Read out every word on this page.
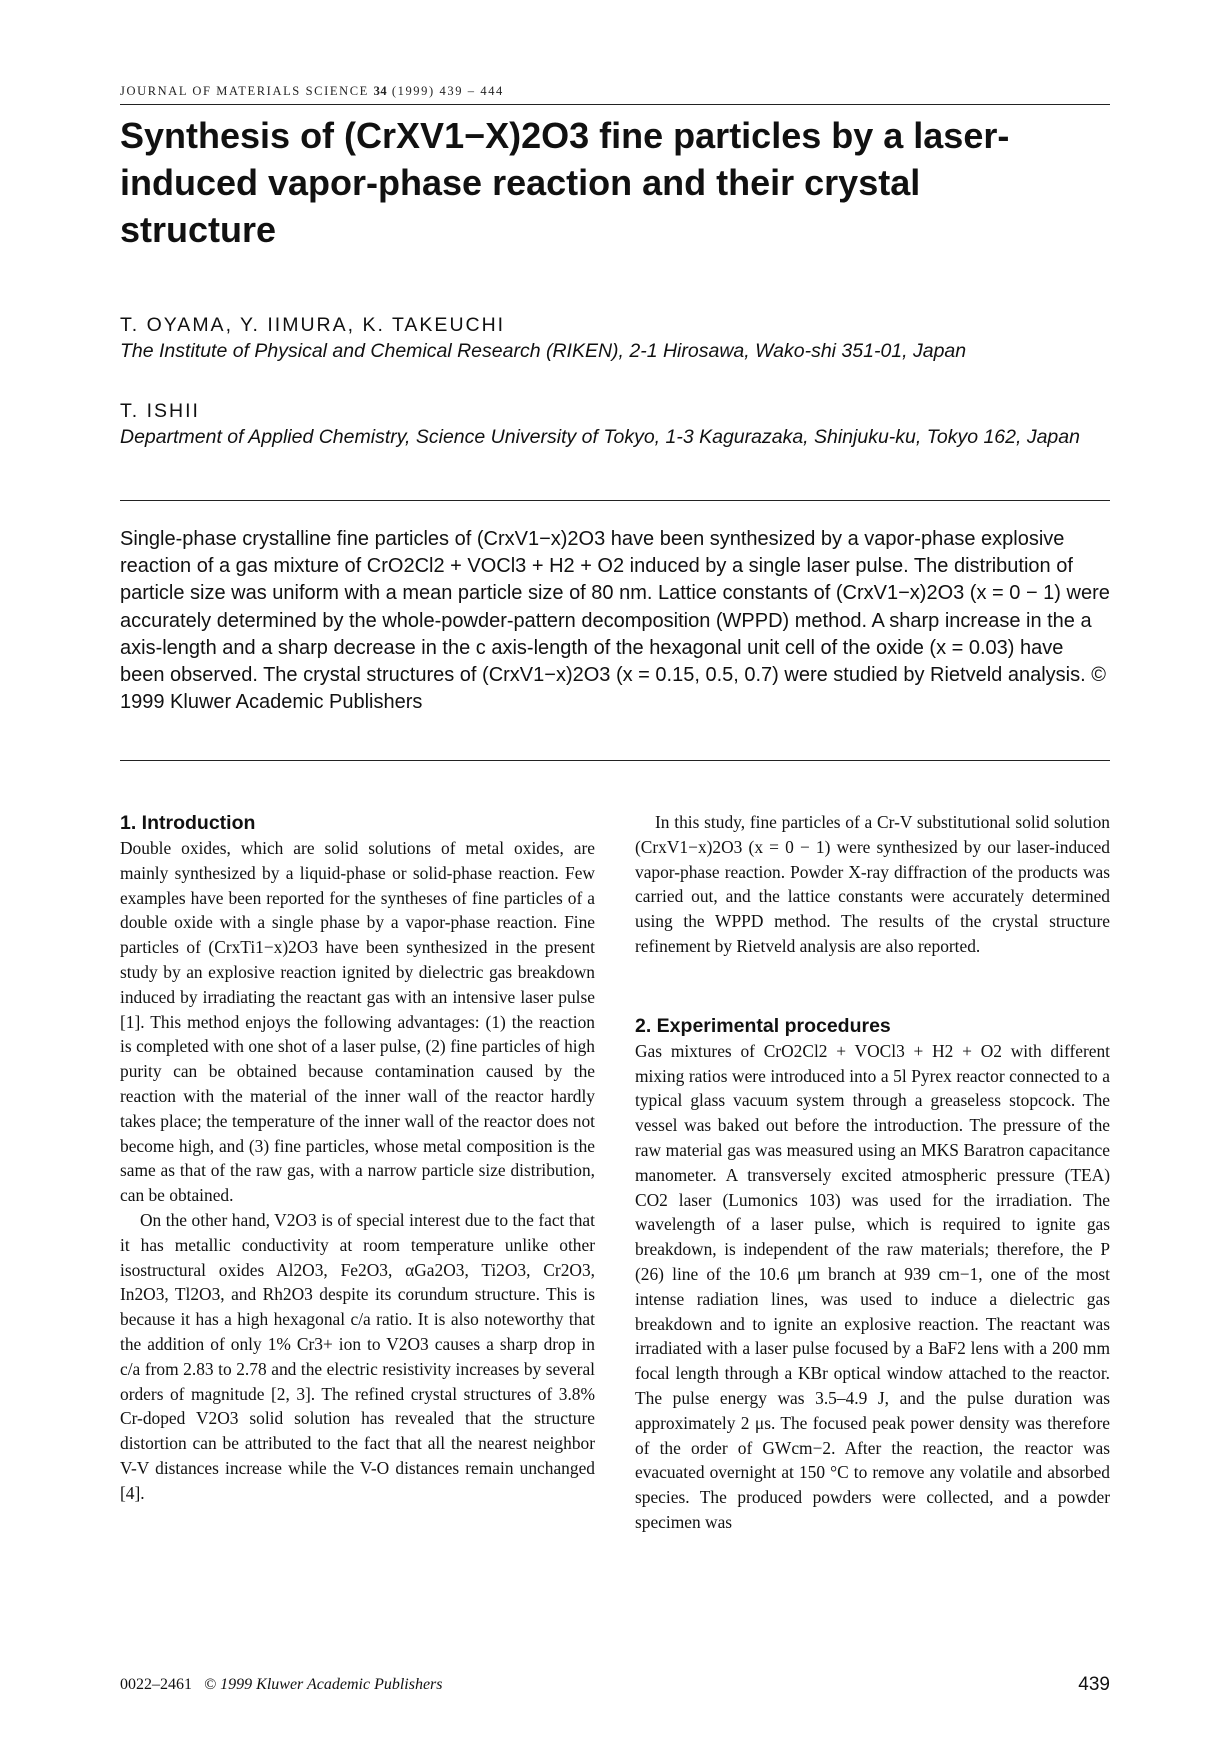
JOURNAL OF MATERIALS SCIENCE 34 (1999) 439 – 444
Synthesis of (CrXV1−X)2O3 fine particles by a laser-induced vapor-phase reaction and their crystal structure
T. OYAMA, Y. IIMURA, K. TAKEUCHI
The Institute of Physical and Chemical Research (RIKEN), 2-1 Hirosawa, Wako-shi 351-01, Japan
T. ISHII
Department of Applied Chemistry, Science University of Tokyo, 1-3 Kagurazaka, Shinjuku-ku, Tokyo 162, Japan

Single-phase crystalline fine particles of (CrxV1−x)2O3 have been synthesized by a vapor-phase explosive reaction of a gas mixture of CrO2Cl2 + VOCl3 + H2 + O2 induced by a single laser pulse. The distribution of particle size was uniform with a mean particle size of 80 nm. Lattice constants of (CrxV1−x)2O3 (x = 0 − 1) were accurately determined by the whole-powder-pattern decomposition (WPPD) method. A sharp increase in the a axis-length and a sharp decrease in the c axis-length of the hexagonal unit cell of the oxide (x = 0.03) have been observed. The crystal structures of (CrxV1−x)2O3 (x = 0.15, 0.5, 0.7) were studied by Rietveld analysis. © 1999 Kluwer Academic Publishers

1. Introduction

Double oxides, which are solid solutions of metal oxides, are mainly synthesized by a liquid-phase or solid-phase reaction. Few examples have been reported for the syntheses of fine particles of a double oxide with a single phase by a vapor-phase reaction. Fine particles of (CrxTi1−x)2O3 have been synthesized in the present study by an explosive reaction ignited by dielectric gas breakdown induced by irradiating the reactant gas with an intensive laser pulse [1]. This method enjoys the following advantages: (1) the reaction is completed with one shot of a laser pulse, (2) fine particles of high purity can be obtained because contamination caused by the reaction with the material of the inner wall of the reactor hardly takes place; the temperature of the inner wall of the reactor does not become high, and (3) fine particles, whose metal composition is the same as that of the raw gas, with a narrow particle size distribution, can be obtained.

On the other hand, V2O3 is of special interest due to the fact that it has metallic conductivity at room temperature unlike other isostructural oxides Al2O3, Fe2O3, αGa2O3, Ti2O3, Cr2O3, In2O3, Tl2O3, and Rh2O3 despite its corundum structure. This is because it has a high hexagonal c/a ratio. It is also noteworthy that the addition of only 1% Cr3+ ion to V2O3 causes a sharp drop in c/a from 2.83 to 2.78 and the electric resistivity increases by several orders of magnitude [2, 3]. The refined crystal structures of 3.8% Cr-doped V2O3 solid solution has revealed that the structure distortion can be attributed to the fact that all the nearest neighbor V-V distances increase while the V-O distances remain unchanged [4].

In this study, fine particles of a Cr-V substitutional solid solution (CrxV1−x)2O3 (x = 0 − 1) were synthesized by our laser-induced vapor-phase reaction. Powder X-ray diffraction of the products was carried out, and the lattice constants were accurately determined using the WPPD method. The results of the crystal structure refinement by Rietveld analysis are also reported.

2. Experimental procedures

Gas mixtures of CrO2Cl2 + VOCl3 + H2 + O2 with different mixing ratios were introduced into a 5l Pyrex reactor connected to a typical glass vacuum system through a greaseless stopcock. The vessel was baked out before the introduction. The pressure of the raw material gas was measured using an MKS Baratron capacitance manometer. A transversely excited atmospheric pressure (TEA) CO2 laser (Lumonics 103) was used for the irradiation. The wavelength of a laser pulse, which is required to ignite gas breakdown, is independent of the raw materials; therefore, the P (26) line of the 10.6 μm branch at 939 cm−1, one of the most intense radiation lines, was used to induce a dielectric gas breakdown and to ignite an explosive reaction. The reactant was irradiated with a laser pulse focused by a BaF2 lens with a 200 mm focal length through a KBr optical window attached to the reactor. The pulse energy was 3.5–4.9 J, and the pulse duration was approximately 2 μs. The focused peak power density was therefore of the order of GWcm−2. After the reaction, the reactor was evacuated overnight at 150 °C to remove any volatile and absorbed species. The produced powders were collected, and a powder specimen was

0022–2461 © 1999 Kluwer Academic Publishers	439
